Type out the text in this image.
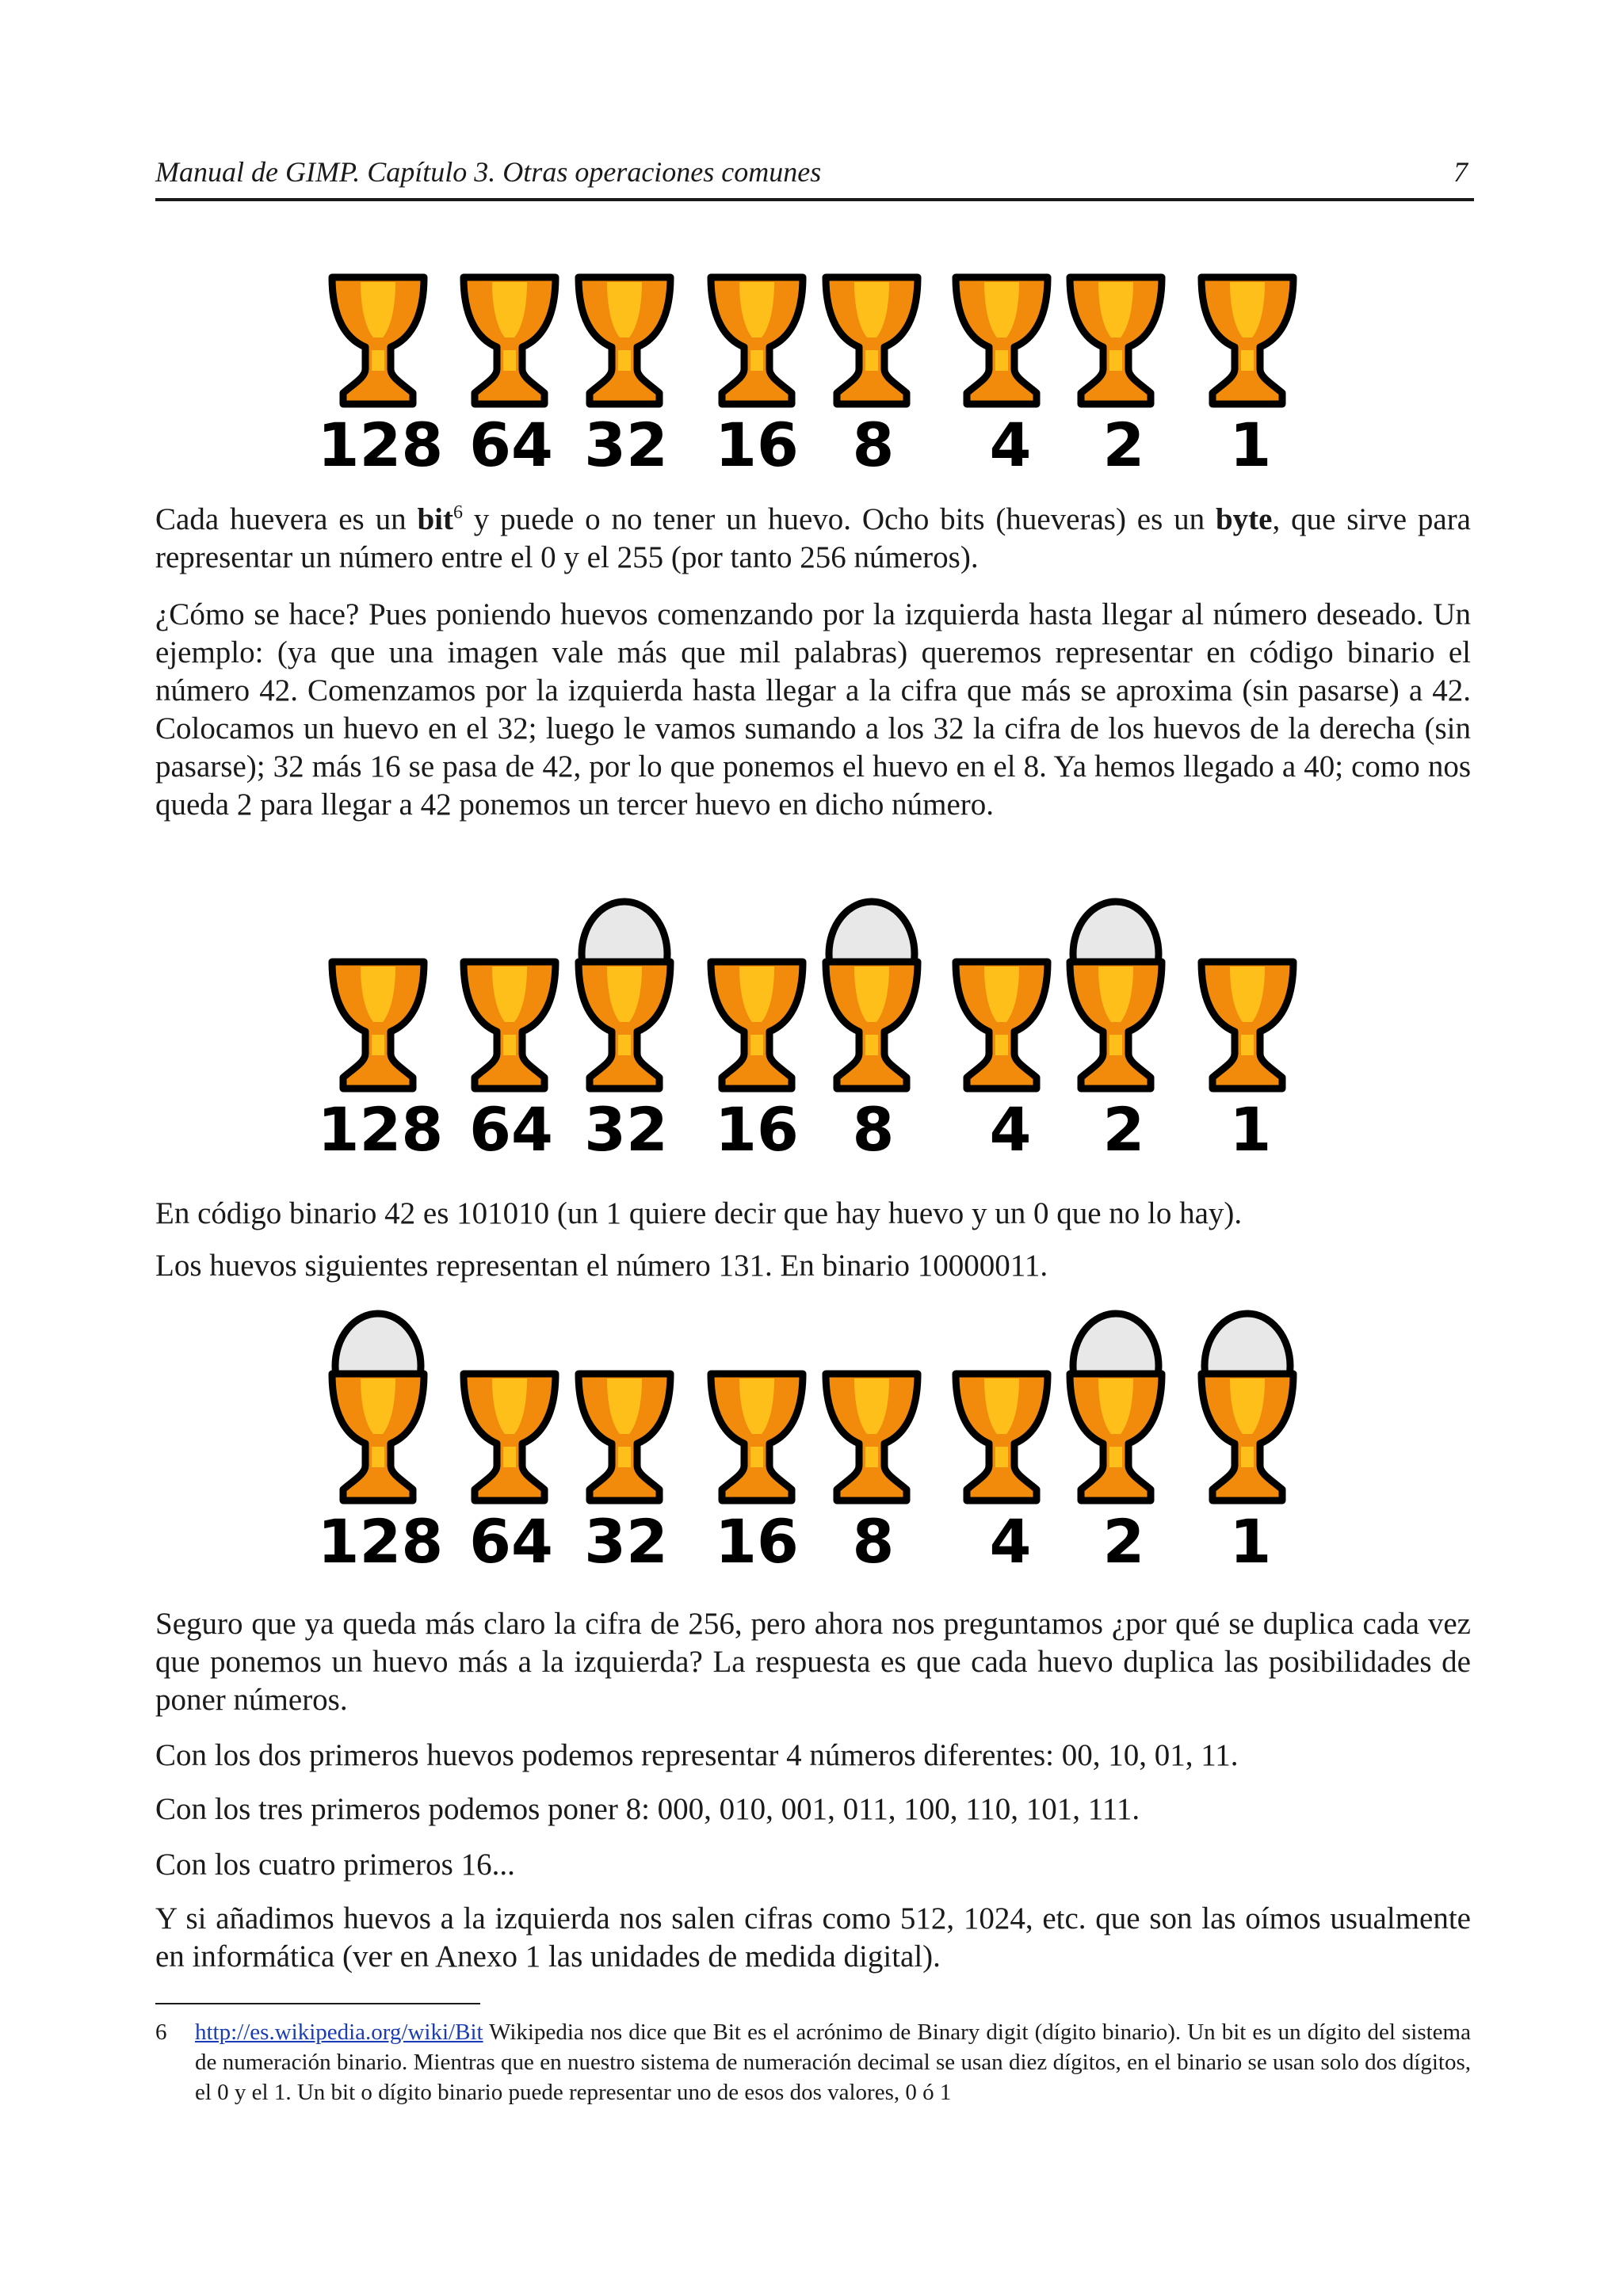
Manual de GIMP. Capítulo 3. Otras operaciones comunes	7
128 64 32 16 8 4 2 1

Cada huevera es un bit$^6$ y puede o no tener un huevo. Ocho bits (hueveras) es un byte, que sirve para representar un número entre el 0 y el 255 (por tanto 256 números).

¿Cómo se hace? Pues poniendo huevos comenzando por la izquierda hasta llegar al número deseado. Un ejemplo: (ya que una imagen vale más que mil palabras) queremos representar en código binario el número 42. Comenzamos por la izquierda hasta llegar a la cifra que más se aproxima (sin pasarse) a 42. Colocamos un huevo en el 32; luego le vamos sumando a los 32 la cifra de los huevos de la derecha (sin pasarse); 32 más 16 se pasa de 42, por lo que ponemos el huevo en el 8. Ya hemos llegado a 40; como nos queda 2 para llegar a 42 ponemos un tercer huevo en dicho número.

128 64 32 16 8 4 2 1

En código binario 42 es 101010 (un 1 quiere decir que hay huevo y un 0 que no lo hay).

Los huevos siguientes representan el número 131. En binario 10000011.

128 64 32 16 8 4 2 1

Seguro que ya queda más claro la cifra de 256, pero ahora nos preguntamos ¿por qué se duplica cada vez que ponemos un huevo más a la izquierda? La respuesta es que cada huevo duplica las posibilidades de poner números.

Con los dos primeros huevos podemos representar 4 números diferentes: 00, 10, 01, 11.

Con los tres primeros podemos poner 8: 000, 010, 001, 011, 100, 110, 101, 111.

Con los cuatro primeros 16...

Y si añadimos huevos a la izquierda nos salen cifras como 512, 1024, etc. que son las oímos usualmente en informática (ver en Anexo 1 las unidades de medida digital).

6 http://es.wikipedia.org/wiki/Bit Wikipedia nos dice que Bit es el acrónimo de Binary digit (dígito binario). Un bit es un dígito del sistema de numeración binario. Mientras que en nuestro sistema de numeración decimal se usan diez dígitos, en el binario se usan solo dos dígitos, el 0 y el 1. Un bit o dígito binario puede representar uno de esos dos valores, 0 ó 1
